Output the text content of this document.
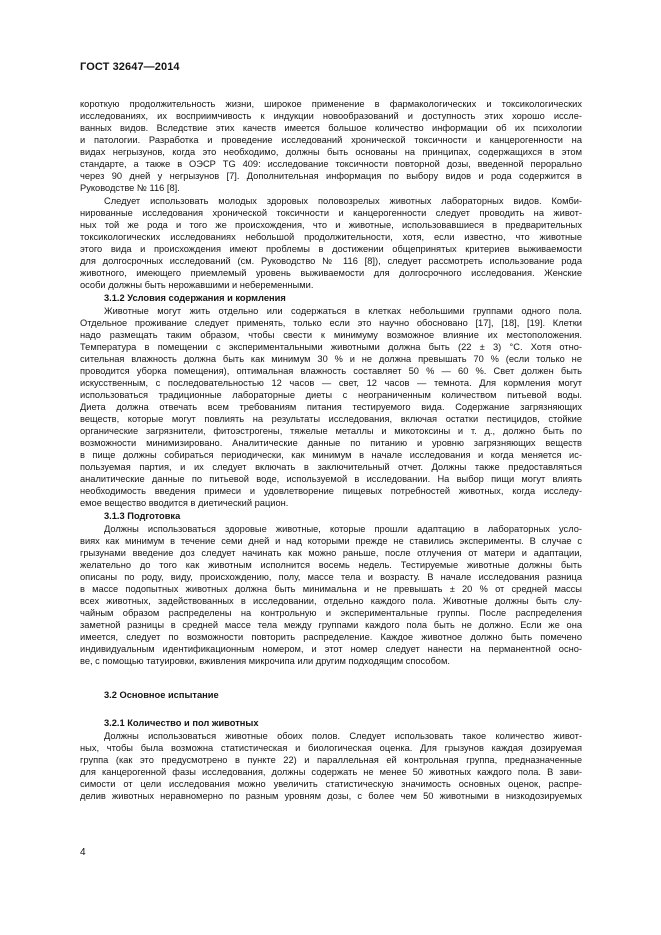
ГОСТ 32647—2014
короткую продолжительность жизни, широкое применение в фармакологических и токсикологических
исследованиях, их восприимчивость к индукции новообразований и доступность этих хорошо иссле-
ванных видов. Вследствие этих качеств имеется большое количество информации об их психологии
и патологии. Разработка и проведение исследований хронической токсичности и канцерогенности на
видах негрызунов, когда это необходимо, должны быть основаны на принципах, содержащихся в этом
стандарте, а также в ОЭСР TG 409: исследование токсичности повторной дозы, введенной перорально
через 90 дней у негрызунов [7]. Дополнительная информация по выбору видов и рода содержится в
Руководстве № 116 [8].
Следует использовать молодых здоровых половозрелых животных лабораторных видов. Комби-
нированные исследования хронической токсичности и канцерогенности следует проводить на живот-
ных той же рода и того же происхождения, что и животные, использовавшиеся в предварительных
токсикологических исследованиях небольшой продолжительности, хотя, если известно, что животные
этого вида и происхождения имеют проблемы в достижении общепринятых критериев выживаемости
для долгосрочных исследований (см. Руководство № 116 [8]), следует рассмотреть использование рода
животного, имеющего приемлемый уровень выживаемости для долгосрочного исследования. Женские
особи должны быть нерожавшими и небеременными.
3.1.2 Условия содержания и кормления
Животные могут жить отдельно или содержаться в клетках небольшими группами одного пола.
Отдельное проживание следует применять, только если это научно обосновано [17], [18], [19]. Клетки
надо размещать таким образом, чтобы свести к минимуму возможное влияние их местоположения.
Температура в помещении с экспериментальными животными должна быть (22 ± 3) °С. Хотя отно-
сительная влажность должна быть как минимум 30 % и не должна превышать 70 % (если только не
проводится уборка помещения), оптимальная влажность составляет 50 % — 60 %. Свет должен быть
искусственным, с последовательностью 12 часов — свет, 12 часов — темнота. Для кормления могут
использоваться традиционные лабораторные диеты с неограниченным количеством питьевой воды.
Диета должна отвечать всем требованиям питания тестируемого вида. Содержание загрязняющих
веществ, которые могут повлиять на результаты исследования, включая остатки пестицидов, стойкие
органические загрязнители, фитоэстрогены, тяжелые металлы и микотоксины и т. д., должно быть по
возможности минимизировано. Аналитические данные по питанию и уровню загрязняющих веществ
в пище должны собираться периодически, как минимум в начале исследования и когда меняется ис-
пользуемая партия, и их следует включать в заключительный отчет. Должны также предоставляться
аналитические данные по питьевой воде, используемой в исследовании. На выбор пищи могут влиять
необходимость введения примеси и удовлетворение пищевых потребностей животных, когда исследу-
емое вещество вводится в диетический рацион.
3.1.3 Подготовка
Должны использоваться здоровые животные, которые прошли адаптацию в лабораторных усло-
виях как минимум в течение семи дней и над которыми прежде не ставились эксперименты. В случае с
грызунами введение доз следует начинать как можно раньше, после отлучения от матери и адаптации,
желательно до того как животным исполнится восемь недель. Тестируемые животные должны быть
описаны по роду, виду, происхождению, полу, массе тела и возрасту. В начале исследования разница
в массе подопытных животных должна быть минимальна и не превышать ± 20 % от средней массы
всех животных, задействованных в исследовании, отдельно каждого пола. Животные должны быть слу-
чайным образом распределены на контрольную и экспериментальные группы. После распределения
заметной разницы в средней массе тела между группами каждого пола быть не должно. Если же она
имеется, следует по возможности повторить распределение. Каждое животное должно быть помечено
индивидуальным идентификационным номером, и этот номер следует нанести на перманентной осно-
ве, с помощью татуировки, вживления микрочипа или другим подходящим способом.
3.2 Основное испытание
3.2.1 Количество и пол животных
Должны использоваться животные обоих полов. Следует использовать такое количество живот-
ных, чтобы была возможна статистическая и биологическая оценка. Для грызунов каждая дозируемая
группа (как это предусмотрено в пункте 22) и параллельная ей контрольная группа, предназначенные
для канцерогенной фазы исследования, должны содержать не менее 50 животных каждого пола. В зави-
симости от цели исследования можно увеличить статистическую значимость основных оценок, распре-
делив животных неравномерно по разным уровням дозы, с более чем 50 животными в низкодозируемых
4
